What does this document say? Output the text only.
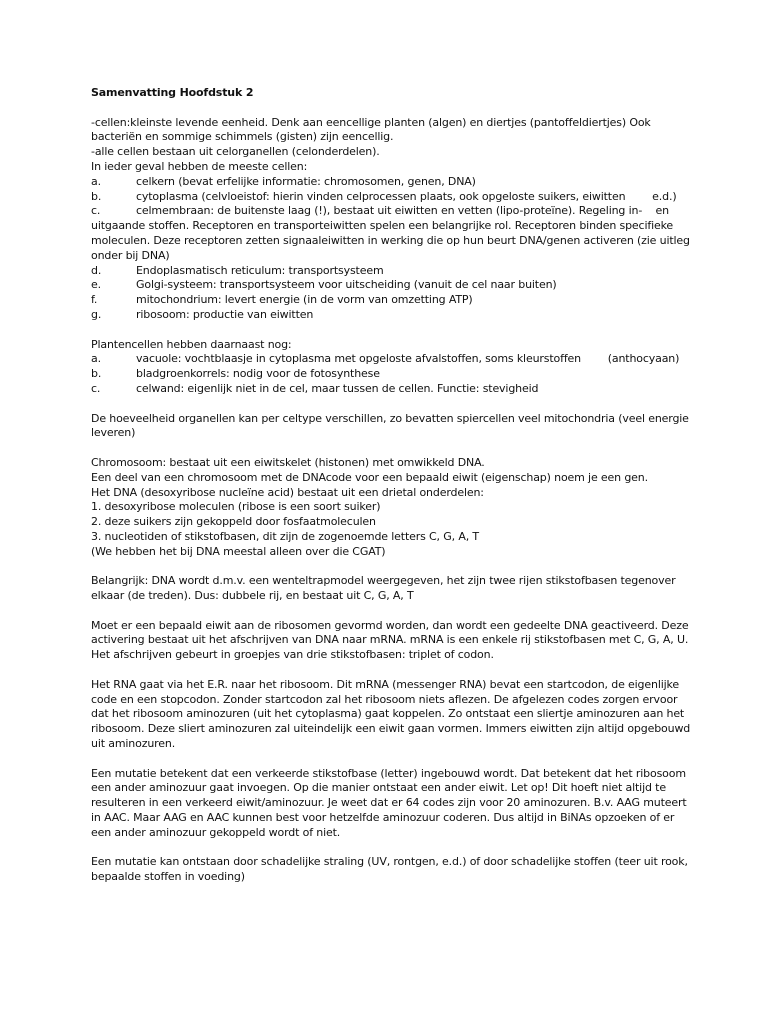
Samenvatting Hoofdstuk 2
-cellen:kleinste levende eenheid. Denk aan eencellige planten (algen) en diertjes (pantoffeldiertjes) Ook
bacteriën en sommige schimmels (gisten) zijn eencellig.
-alle cellen bestaan uit celorganellen (celonderdelen).
In ieder geval hebben de meeste cellen:
a.	celkern (bevat erfelijke informatie: chromosomen, genen, DNA)
b.	cytoplasma (celvloeistof: hierin vinden celprocessen plaats, ook opgeloste suikers, eiwitten        e.d.)
c.	celmembraan: de buitenste laag (!), bestaat uit eiwitten en vetten (lipo-proteïne). Regeling in-    en
uitgaande stoffen. Receptoren en transporteiwitten spelen een belangrijke rol. Receptoren binden specifieke
moleculen. Deze receptoren zetten signaaleiwitten in werking die op hun beurt DNA/genen activeren (zie uitleg
onder bij DNA)
d.	Endoplasmatisch reticulum: transportsysteem
e.	Golgi-systeem: transportsysteem voor uitscheiding (vanuit de cel naar buiten)
f.	mitochondrium: levert energie (in de vorm van omzetting ATP)
g.	ribosoom: productie van eiwitten
Plantencellen hebben daarnaast nog:
a.	vacuole: vochtblaasje in cytoplasma met opgeloste afvalstoffen, soms kleurstoffen        (anthocyaan)
b.	bladgroenkorrels: nodig voor de fotosynthese
c.	celwand: eigenlijk niet in de cel, maar tussen de cellen. Functie: stevigheid
De hoeveelheid organellen kan per celtype verschillen, zo bevatten spiercellen veel mitochondria (veel energie
leveren)
Chromosoom: bestaat uit een eiwitskelet (histonen) met omwikkeld DNA.
Een deel van een chromosoom met de DNAcode voor een bepaald eiwit (eigenschap) noem je een gen.
Het DNA (desoxyribose nucleïne acid) bestaat uit een drietal onderdelen:
1. desoxyribose moleculen (ribose is een soort suiker)
2. deze suikers zijn gekoppeld door fosfaatmoleculen
3. nucleotiden of stikstofbasen, dit zijn de zogenoemde letters C, G, A, T
(We hebben het bij DNA meestal alleen over die CGAT)
Belangrijk: DNA wordt d.m.v. een wenteltrapmodel weergegeven, het zijn twee rijen stikstofbasen tegenover
elkaar (de treden). Dus: dubbele rij, en bestaat uit C, G, A, T
Moet er een bepaald eiwit aan de ribosomen gevormd worden, dan wordt een gedeelte DNA geactiveerd. Deze
activering bestaat uit het afschrijven van DNA naar mRNA. mRNA is een enkele rij stikstofbasen met C, G, A, U.
Het afschrijven gebeurt in groepjes van drie stikstofbasen: triplet of codon.
Het RNA gaat via het E.R. naar het ribosoom. Dit mRNA (messenger RNA) bevat een startcodon, de eigenlijke
code en een stopcodon. Zonder startcodon zal het ribosoom niets aflezen. De afgelezen codes zorgen ervoor
dat het ribosoom aminozuren (uit het cytoplasma) gaat koppelen. Zo ontstaat een sliertje aminozuren aan het
ribosoom. Deze sliert aminozuren zal uiteindelijk een eiwit gaan vormen. Immers eiwitten zijn altijd opgebouwd
uit aminozuren.
Een mutatie betekent dat een verkeerde stikstofbase (letter) ingebouwd wordt. Dat betekent dat het ribosoom
een ander aminozuur gaat invoegen. Op die manier ontstaat een ander eiwit. Let op! Dit hoeft niet altijd te
resulteren in een verkeerd eiwit/aminozuur. Je weet dat er 64 codes zijn voor 20 aminozuren. B.v. AAG muteert
in AAC. Maar AAG en AAC kunnen best voor hetzelfde aminozuur coderen. Dus altijd in BiNAs opzoeken of er
een ander aminozuur gekoppeld wordt of niet.
Een mutatie kan ontstaan door schadelijke straling (UV, rontgen, e.d.) of door schadelijke stoffen (teer uit rook,
bepaalde stoffen in voeding)
